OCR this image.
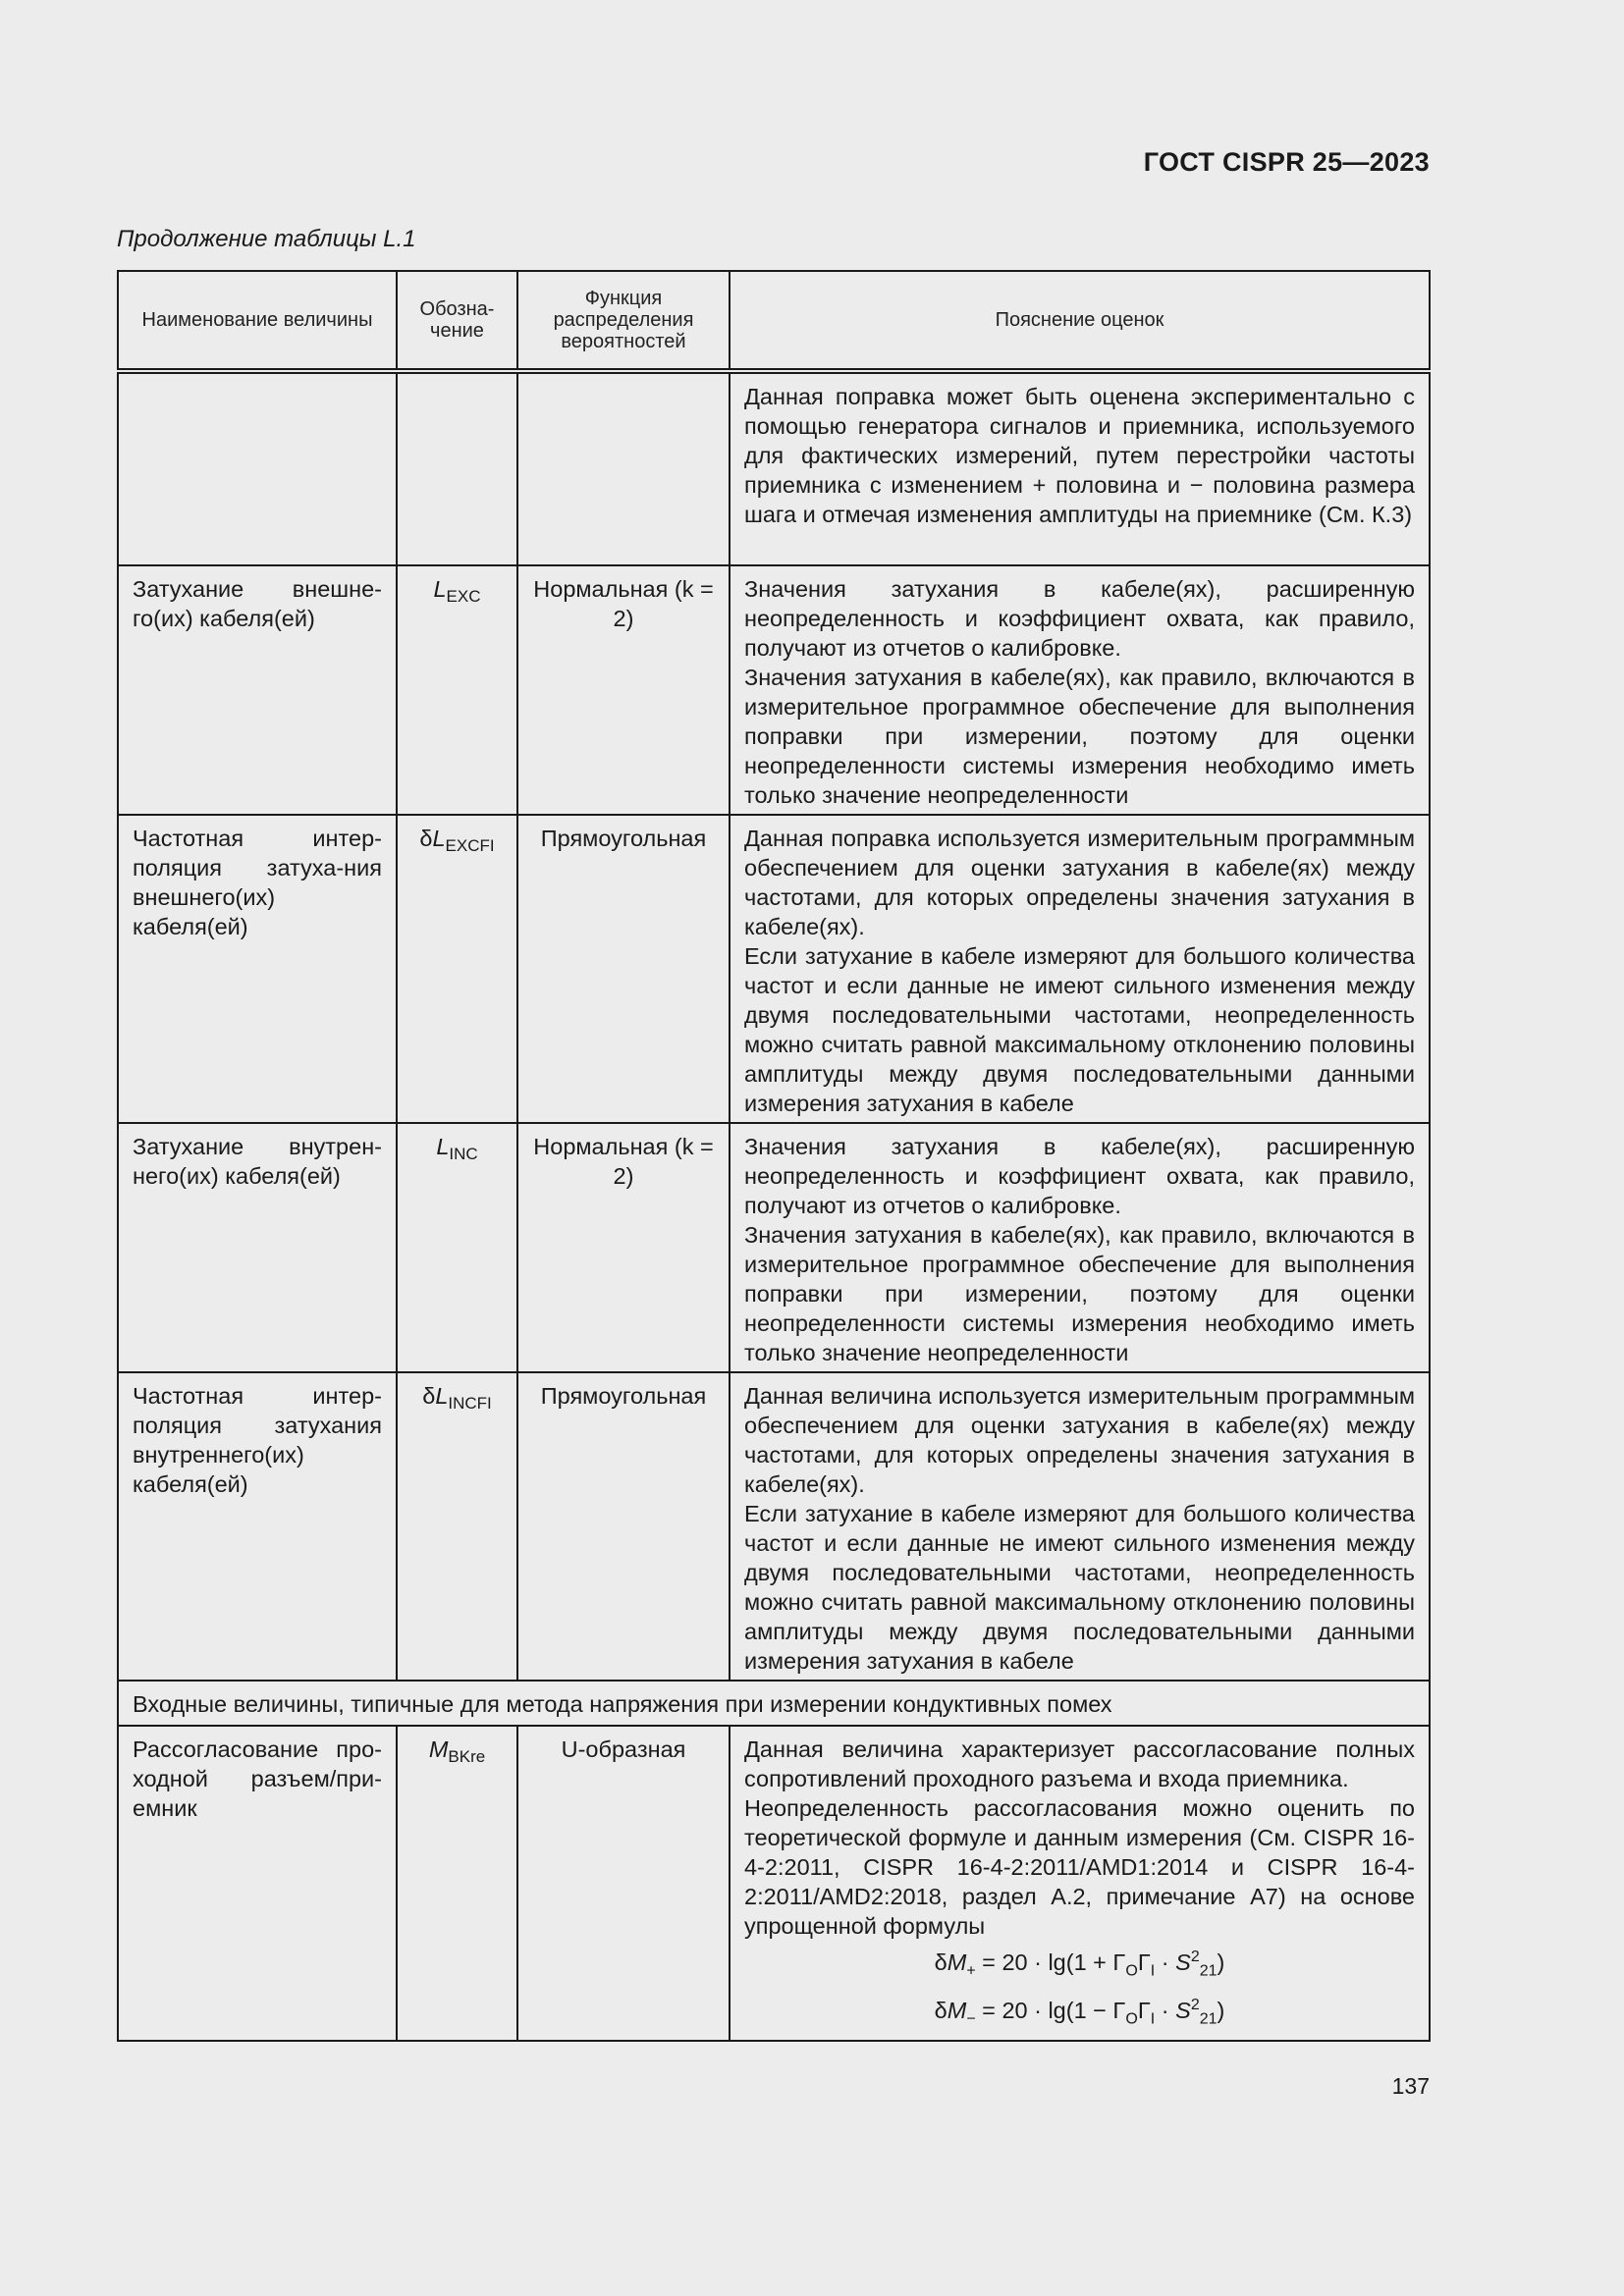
ГОСТ CISPR 25—2023
Продолжение таблицы L.1
Наименование величины	Обозна-чение	Функция распределения вероятностей	Пояснение оценок
			Данная поправка может быть оценена экспериментально с помощью генератора сигналов и приемника, используемого для фактических измерений, путем перестройки частоты приемника с изменением + половина и − половина размера шага и отмечая изменения амплитуды на приемнике (См. К.3)
Затухание внешне-го(их) кабеля(ей)	$L_{EXC}$	Нормальная (k = 2)	Значения затухания в кабеле(ях), расширенную неопределенность и коэффициент охвата, как правило, получают из отчетов о калибровке.
Значения затухания в кабеле(ях), как правило, включаются в измерительное программное обеспечение для выполнения поправки при измерении, поэтому для оценки неопределенности системы измерения необходимо иметь только значение неопределенности

Частотная интер-поляция затуха-ния внешнего(их) кабеля(ей)	$\delta L_{EXCFI}$	Прямоугольная	Данная поправка используется измерительным программным обеспечением для оценки затухания в кабеле(ях) между частотами, для которых определены значения затухания в кабеле(ях).
Если затухание в кабеле измеряют для большого количества частот и если данные не имеют сильного изменения между двумя последовательными частотами, неопределенность можно считать равной максимальному отклонению половины амплитуды между двумя последовательными данными измерения затухания в кабеле

Затухание внутрен-него(их) кабеля(ей)	$L_{INC}$	Нормальная (k = 2)	Значения затухания в кабеле(ях), расширенную неопределенность и коэффициент охвата, как правило, получают из отчетов о калибровке.
Значения затухания в кабеле(ях), как правило, включаются в измерительное программное обеспечение для выполнения поправки при измерении, поэтому для оценки неопределенности системы измерения необходимо иметь только значение неопределенности

Частотная интер-поляция затухания внутреннего(их) кабеля(ей)	$\delta L_{INCFI}$	Прямоугольная	Данная величина используется измерительным программным обеспечением для оценки затухания в кабеле(ях) между частотами, для которых определены значения затухания в кабеле(ях).
Если затухание в кабеле измеряют для большого количества частот и если данные не имеют сильного изменения между двумя последовательными частотами, неопределенность можно считать равной максимальному отклонению половины амплитуды между двумя последовательными данными измерения затухания в кабеле

Входные величины, типичные для метода напряжения при измерении кондуктивных помех			
Рассогласование про-ходной разъем/при-емник	$M_{BKre}$	U-образная	Данная величина характеризует рассогласование полных сопротивлений проходного разъема и входа приемника.
Неопределенность рассогласования можно оценить по теоретической формуле и данным измерения (См. CISPR 16-4-2:2011, CISPR 16-4-2:2011/AMD1:2014 и CISPR 16-4-2:2011/AMD2:2018, раздел А.2, примечание А7) на основе упрощенной формулы
$\delta M_+ = 20 \cdot \lg(1 + \Gamma_O\Gamma_I \cdot S^2_{21})$
$\delta M_- = 20 \cdot \lg(1 - \Gamma_O\Gamma_I \cdot S^2_{21})$
137
